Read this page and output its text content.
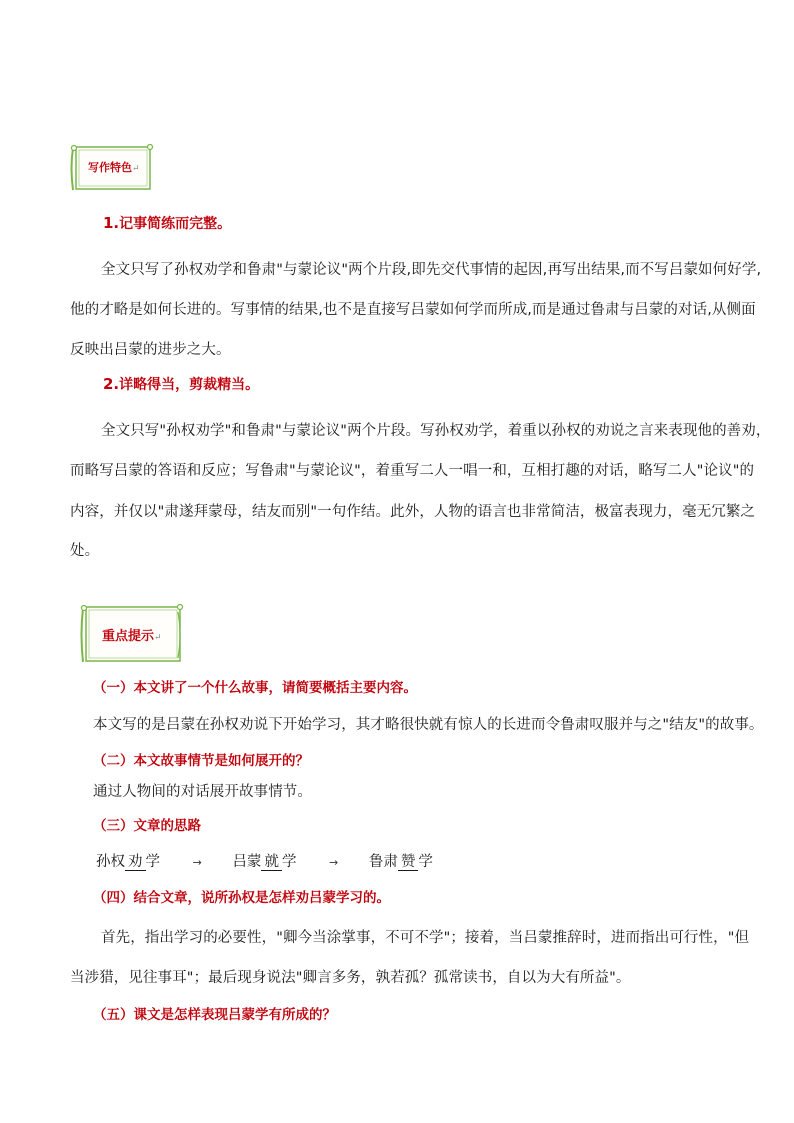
写作特色↵
1.记事简练而完整。
全文只写了孙权劝学和鲁肃"与蒙论议"两个片段,即先交代事情的起因,再写出结果,而不写吕蒙如何好学,
他的才略是如何长进的。写事情的结果,也不是直接写吕蒙如何学而所成,而是通过鲁肃与吕蒙的对话,从侧面
反映出吕蒙的进步之大。
2.详略得当，剪裁精当。
全文只写"孙权劝学"和鲁肃"与蒙论议"两个片段。写孙权劝学，着重以孙权的劝说之言来表现他的善劝，
而略写吕蒙的答语和反应；写鲁肃"与蒙论议"，着重写二人一唱一和，互相打趣的对话，略写二人"论议"的
内容，并仅以"肃遂拜蒙母，结友而别"一句作结。此外，人物的语言也非常简洁，极富表现力，毫无冗繁之
处。
重点提示↵
（一）本文讲了一个什么故事，请简要概括主要内容。
本文写的是吕蒙在孙权劝说下开始学习，其才略很快就有惊人的长进而令鲁肃叹服并与之"结友"的故事。
（二）本文故事情节是如何展开的？
通过人物间的对话展开故事情节。
（三）文章的思路
孙权 劝 学	→ 吕蒙 就 学	→ 鲁肃 赞 学
（四）结合文章，说所孙权是怎样劝吕蒙学习的。
首先，指出学习的必要性，"卿今当涂掌事，不可不学"；接着，当吕蒙推辞时，进而指出可行性，"但
当涉猎，见往事耳"；最后现身说法"卿言多务，孰若孤？孤常读书，自以为大有所益"。
（五）课文是怎样表现吕蒙学有所成的？
